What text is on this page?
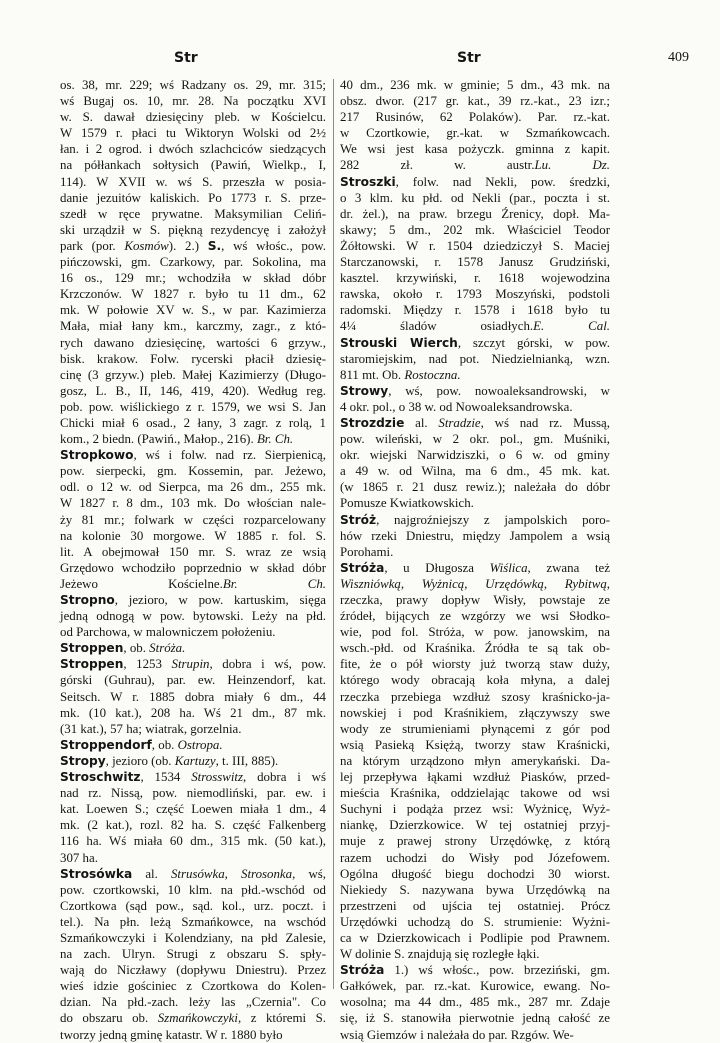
Str	Str	409
os. 38, mr. 229; wś Radzany os. 29, mr. 315;
wś Bugaj os. 10, mr. 28. Na początku XVI
w. S. dawał dziesięciny pleb. w Kościelcu.
W 1579 r. płaci tu Wiktoryn Wolski od 2½
łan. i 2 ogrod. i dwóch szlachciców siedzących
na półłankach sołtysich (Pawiń, Wielkp., I,
114). W XVII w. wś S. przeszła w posia-
danie jezuitów kaliskich. Po 1773 r. S. prze-
szedł w ręce prywatne. Maksymilian Celiń-
ski urządził w S. piękną rezydencyę i założył
park (por. Kosmów). 2.) S., wś włośc., pow.
pińczowski, gm. Czarkowy, par. Sokolina, ma
16 os., 129 mr.; wchodziła w skład dóbr
Krzczonów. W 1827 r. było tu 11 dm., 62
mk. W połowie XV w. S., w par. Kazimierza
Mała, miał łany km., karczmy, zagr., z któ-
rych dawano dziesięcinę, wartości 6 grzyw.,
bisk. krakow. Folw. rycerski płacił dziesię-
cinę (3 grzyw.) pleb. Małej Kazimierzy (Długo-
gosz, L. B., II, 146, 419, 420). Według reg.
pob. pow. wiślickiego z r. 1579, we wsi S. Jan
Chicki miał 6 osad., 2 łany, 3 zagr. z rolą, 1
kom., 2 biedn. (Pawiń., Małop., 216). Br. Ch.
Stropkowo, wś i folw. nad rz. Sierpienicą,
pow. sierpecki, gm. Kossemin, par. Jeżewo,
odl. o 12 w. od Sierpca, ma 26 dm., 255 mk.
W 1827 r. 8 dm., 103 mk. Do włościan nale-
ży 81 mr.; folwark w części rozparcelowany
na kolonie 30 morgowe. W 1885 r. fol. S.
lit. A obejmował 150 mr. S. wraz ze wsią
Grzędowo wchodziło poprzednio w skład dóbr
Jeżewo Kościelne.Br. Ch.
Stropno, jezioro, w pow. kartuskim, sięga
jedną odnogą w pow. bytowski. Leży na płd.
od Parchowa, w malowniczem położeniu.
Stroppen, ob. Stróża.
Stroppen, 1253 Strupin, dobra i wś, pow.
górski (Guhrau), par. ew. Heinzendorf, kat.
Seitsch. W r. 1885 dobra miały 6 dm., 44
mk. (10 kat.), 208 ha. Wś 21 dm., 87 mk.
(31 kat.), 57 ha; wiatrak, gorzelnia.
Stroppendorf, ob. Ostropa.
Stropy, jezioro (ob. Kartuzy, t. III, 885).
Stroschwitz, 1534 Strosswitz, dobra i wś
nad rz. Nissą, pow. niemodliński, par. ew. i
kat. Loewen S.; część Loewen miała 1 dm., 4
mk. (2 kat.), rozl. 82 ha. S. część Falkenberg
116 ha. Wś miała 60 dm., 315 mk. (50 kat.),
307 ha.
Strosówka al. Strusówka, Strosonka, wś,
pow. czortkowski, 10 klm. na płd.-wschód od
Czortkowa (sąd pow., sąd. kol., urz. poczt. i
tel.). Na płn. leżą Szmańkowce, na wschód
Szmańkowczyki i Kolendziany, na płd Zalesie,
na zach. Ulryn. Strugi z obszaru S. spły-
wają do Niczławy (dopływu Dniestru). Przez
wieś idzie gościniec z Czortkowa do Kolen-
dzian. Na płd.-zach. leży las „Czernia". Co
do obszaru ob. Szmańkowczyki, z któremi S.
tworzy jedną gminę katastr. W r. 1880 było
40 dm., 236 mk. w gminie; 5 dm., 43 mk. na
obsz. dwor. (217 gr. kat., 39 rz.-kat., 23 izr.;
217 Rusinów, 62 Polaków). Par. rz.-kat.
w Czortkowie, gr.-kat. w Szmańkowcach.
We wsi jest kasa pożyczk. gminna z kapit.
282 zł. w. austr.Lu. Dz.
Stroszki, folw. nad Nekli, pow. średzki,
o 3 klm. ku płd. od Nekli (par., poczta i st.
dr. żel.), na praw. brzegu Źrenicy, dopł. Ma-
skawy; 5 dm., 202 mk. Właściciel Teodor
Żółtowski. W r. 1504 dziedziczył S. Maciej
Starczanowski, r. 1578 Janusz Grudziński,
kasztel. krzywiński, r. 1618 wojewodzina
rawska, około r. 1793 Moszyński, podstoli
radomski. Między r. 1578 i 1618 było tu
4¼ śladów osiadłych.E. Cal.
Strouski Wierch, szczyt górski, w pow.
staromiejskim, nad pot. Niedzielnianką, wzn.
811 mt. Ob. Rostoczna.
Strowy, wś, pow. nowoaleksandrowski, w
4 okr. pol., o 38 w. od Nowoaleksandrowska.
Strozdzie al. Stradzie, wś nad rz. Mussą,
pow. wileński, w 2 okr. pol., gm. Muśniki,
okr. wiejski Narwidziszki, o 6 w. od gminy
a 49 w. od Wilna, ma 6 dm., 45 mk. kat.
(w 1865 r. 21 dusz rewiz.); należała do dóbr
Pomusze Kwiatkowskich.
Stróż, najgroźniejszy z jampolskich poro-
hów rzeki Dniestru, między Jampolem a wsią
Porohami.
Stróża, u Długosza Wiślica, zwana też
Wiszniówką, Wyżnicą, Urzędówką, Rybitwą,
rzeczka, prawy dopływ Wisły, powstaje ze
źródeł, bijących ze wzgórzy we wsi Słodko-
wie, pod fol. Stróża, w pow. janowskim, na
wsch.-płd. od Kraśnika. Źródła te są tak ob-
fite, że o pół wiorsty już tworzą staw duży,
którego wody obracają koła młyna, a dalej
rzeczka przebiega wzdłuż szosy kraśnicko-ja-
nowskiej i pod Kraśnikiem, złączywszy swe
wody ze strumieniami płynącemi z gór pod
wsią Pasieką Księżą, tworzy staw Kraśnicki,
na którym urządzono młyn amerykański. Da-
lej przepływa łąkami wzdłuż Piasków, przed-
mieścia Kraśnika, oddzielając takowe od wsi
Suchyni i podąża przez wsi: Wyżnicę, Wyż-
niankę, Dzierzkowice. W tej ostatniej przyj-
muje z prawej strony Urzędówkę, z którą
razem uchodzi do Wisły pod Józefowem.
Ogólna długość biegu dochodzi 30 wiorst.
Niekiedy S. nazywana bywa Urzędówką na
przestrzeni od ujścia tej ostatniej. Prócz
Urzędówki uchodzą do S. strumienie: Wyżni-
ca w Dzierzkowicach i Podlipie pod Prawnem.
W dolinie S. znajdują się rozległe łąki.
Stróża 1.) wś włośc., pow. brzeziński, gm.
Gałkówek, par. rz.-kat. Kurowice, ewang. No-
wosolna; ma 44 dm., 485 mk., 287 mr. Zdaje
się, iż S. stanowiła pierwotnie jedną całość ze
wsią Giemzów i należała do par. Rzgów. We-
